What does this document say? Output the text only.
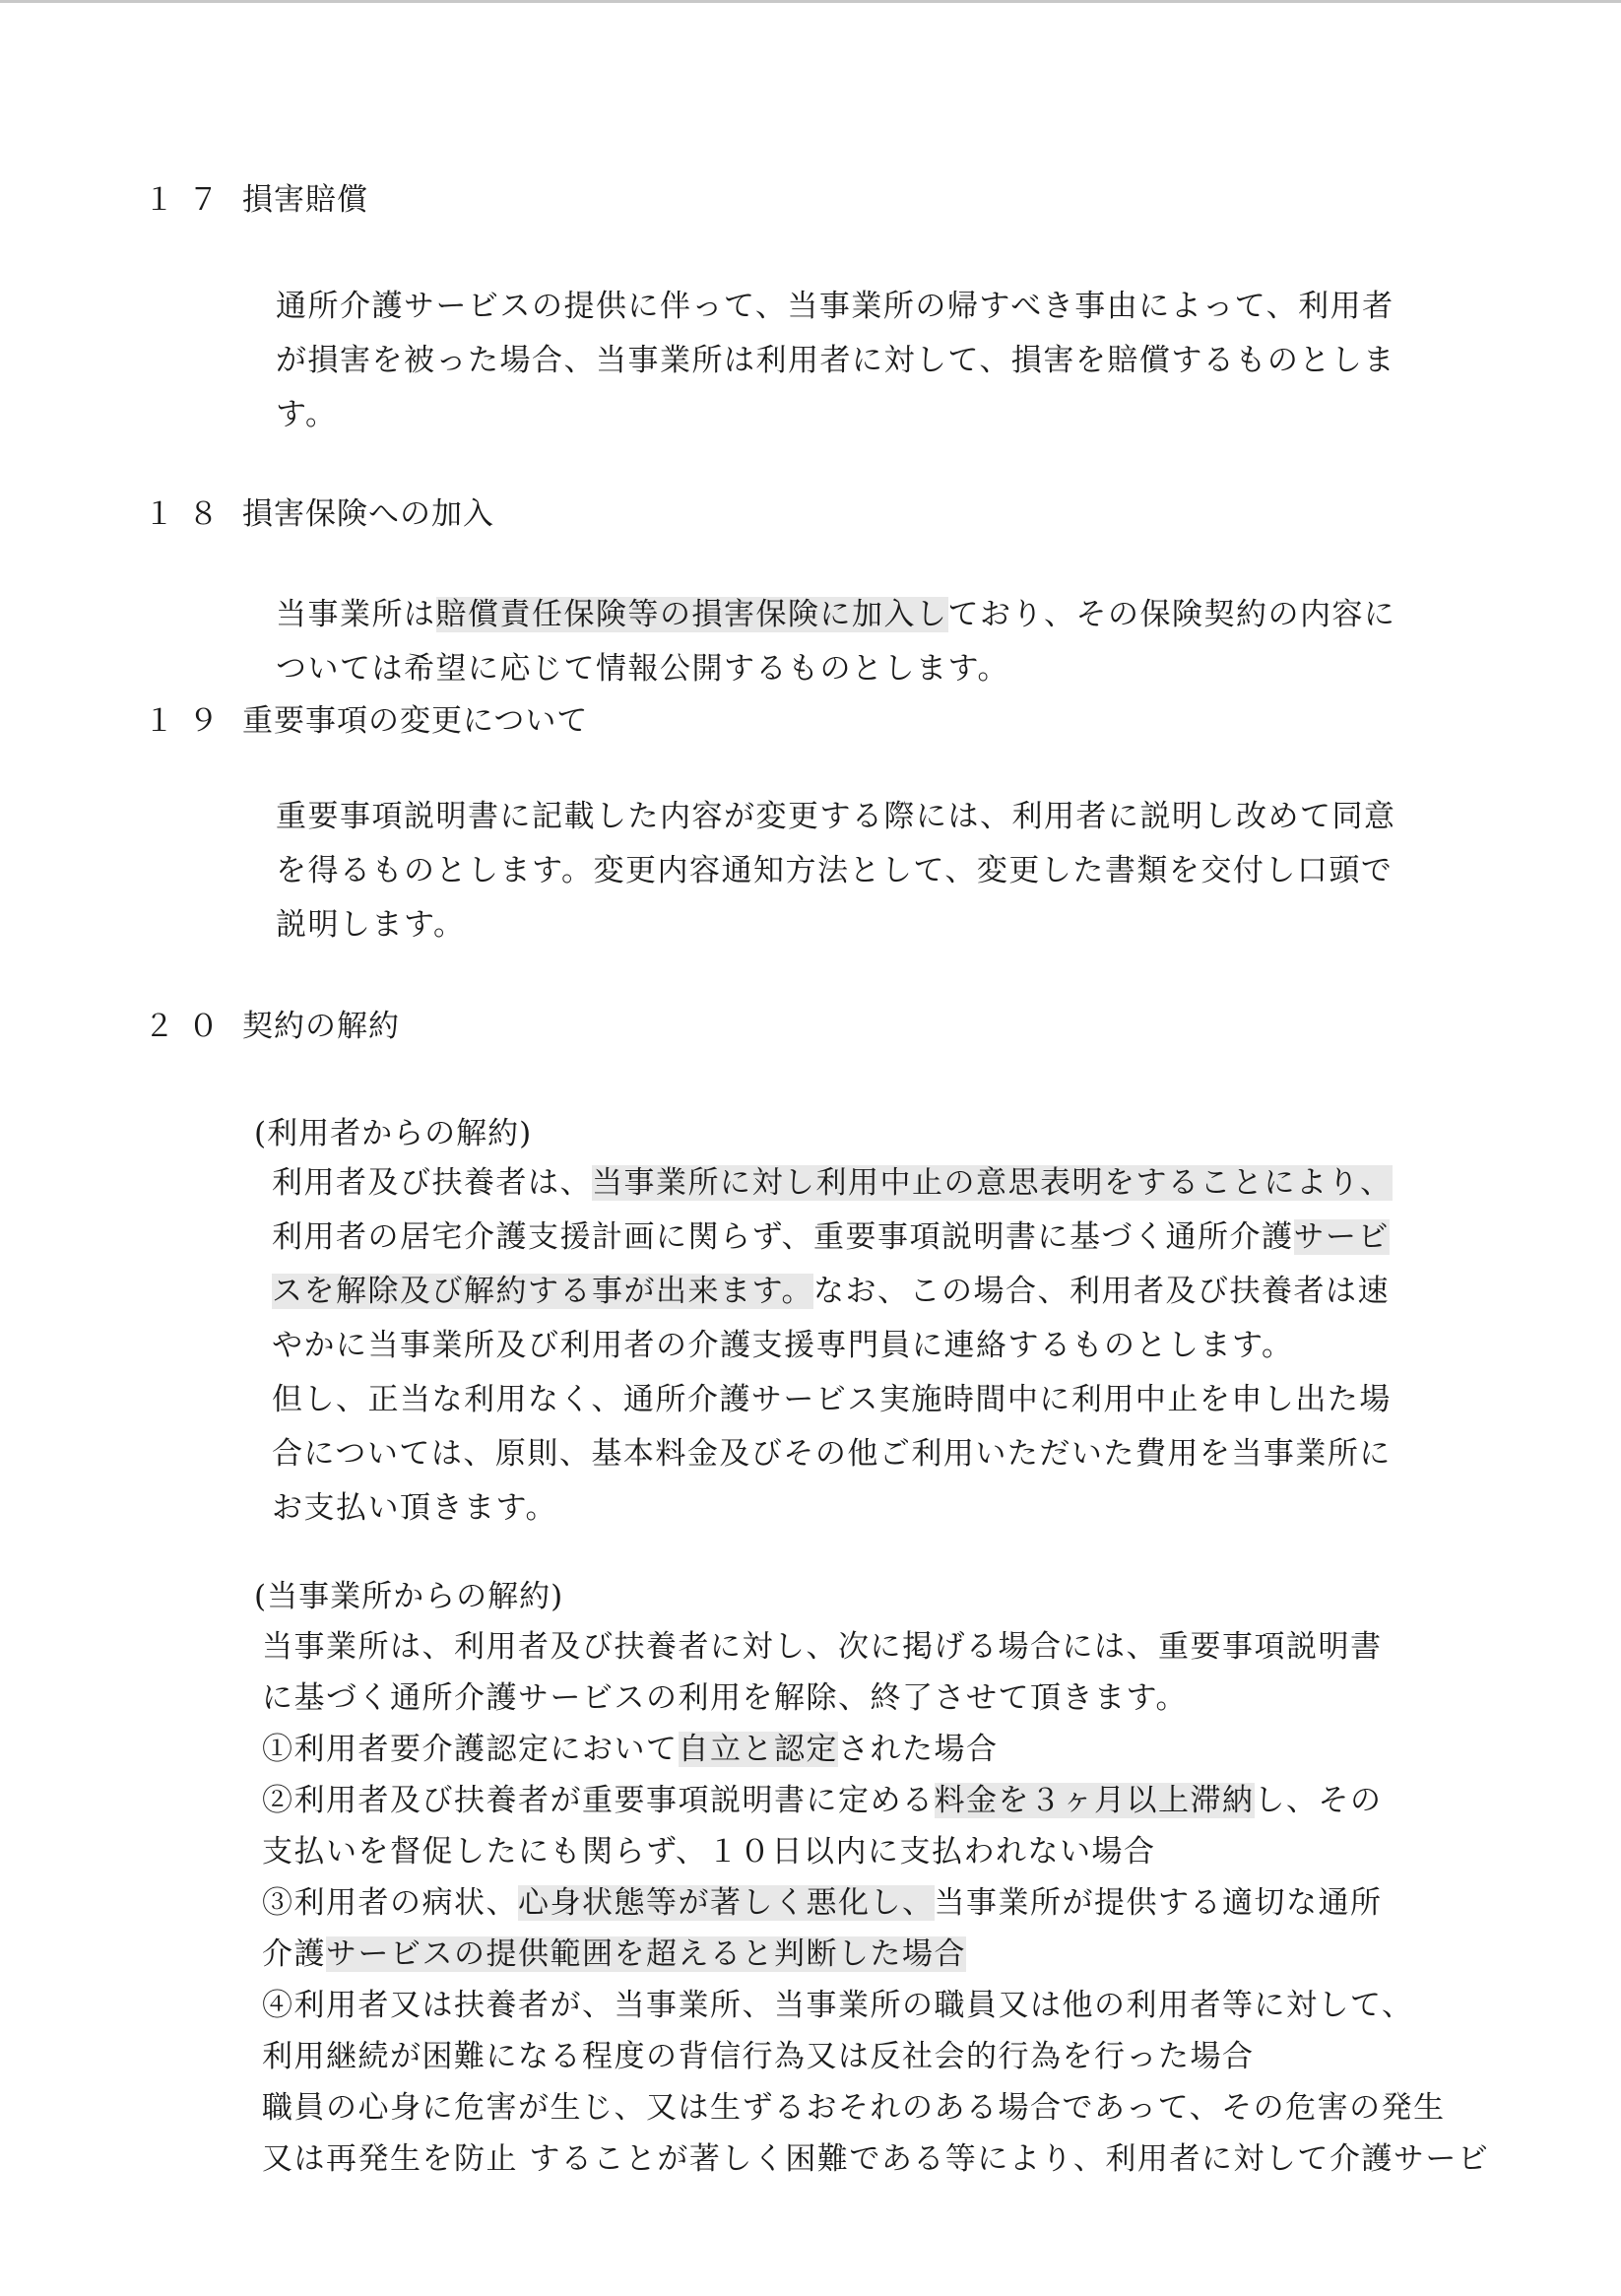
１７ 損害賠償
通所介護サービスの提供に伴って、当事業所の帰すべき事由によって、利用者
が損害を被った場合、当事業所は利用者に対して、損害を賠償するものとしま
す。
１８ 損害保険への加入
当事業所は賠償責任保険等の損害保険に加入しており、その保険契約の内容に
ついては希望に応じて情報公開するものとします。
１９ 重要事項の変更について
重要事項説明書に記載した内容が変更する際には、利用者に説明し改めて同意
を得るものとします。変更内容通知方法として、変更した書類を交付し口頭で
説明します。
２０ 契約の解約
(利用者からの解約)
利用者及び扶養者は、当事業所に対し利用中止の意思表明をすることにより、
利用者の居宅介護支援計画に関らず、重要事項説明書に基づく通所介護サービ
スを解除及び解約する事が出来ます。なお、この場合、利用者及び扶養者は速
やかに当事業所及び利用者の介護支援専門員に連絡するものとします。
但し、正当な利用なく、通所介護サービス実施時間中に利用中止を申し出た場
合については、原則、基本料金及びその他ご利用いただいた費用を当事業所に
お支払い頂きます。
(当事業所からの解約)
当事業所は、利用者及び扶養者に対し、次に掲げる場合には、重要事項説明書
に基づく通所介護サービスの利用を解除、終了させて頂きます。
①利用者要介護認定において自立と認定された場合
②利用者及び扶養者が重要事項説明書に定める料金を３ヶ月以上滞納し、その
支払いを督促したにも関らず、１０日以内に支払われない場合
③利用者の病状、心身状態等が著しく悪化し、当事業所が提供する適切な通所
介護サービスの提供範囲を超えると判断した場合
④利用者又は扶養者が、当事業所、当事業所の職員又は他の利用者等に対して、
利用継続が困難になる程度の背信行為又は反社会的行為を行った場合
職員の心身に危害が生じ、又は生ずるおそれのある場合であって、その危害の発生
又は再発生を防止 することが著しく困難である等により、利用者に対して介護サービ
